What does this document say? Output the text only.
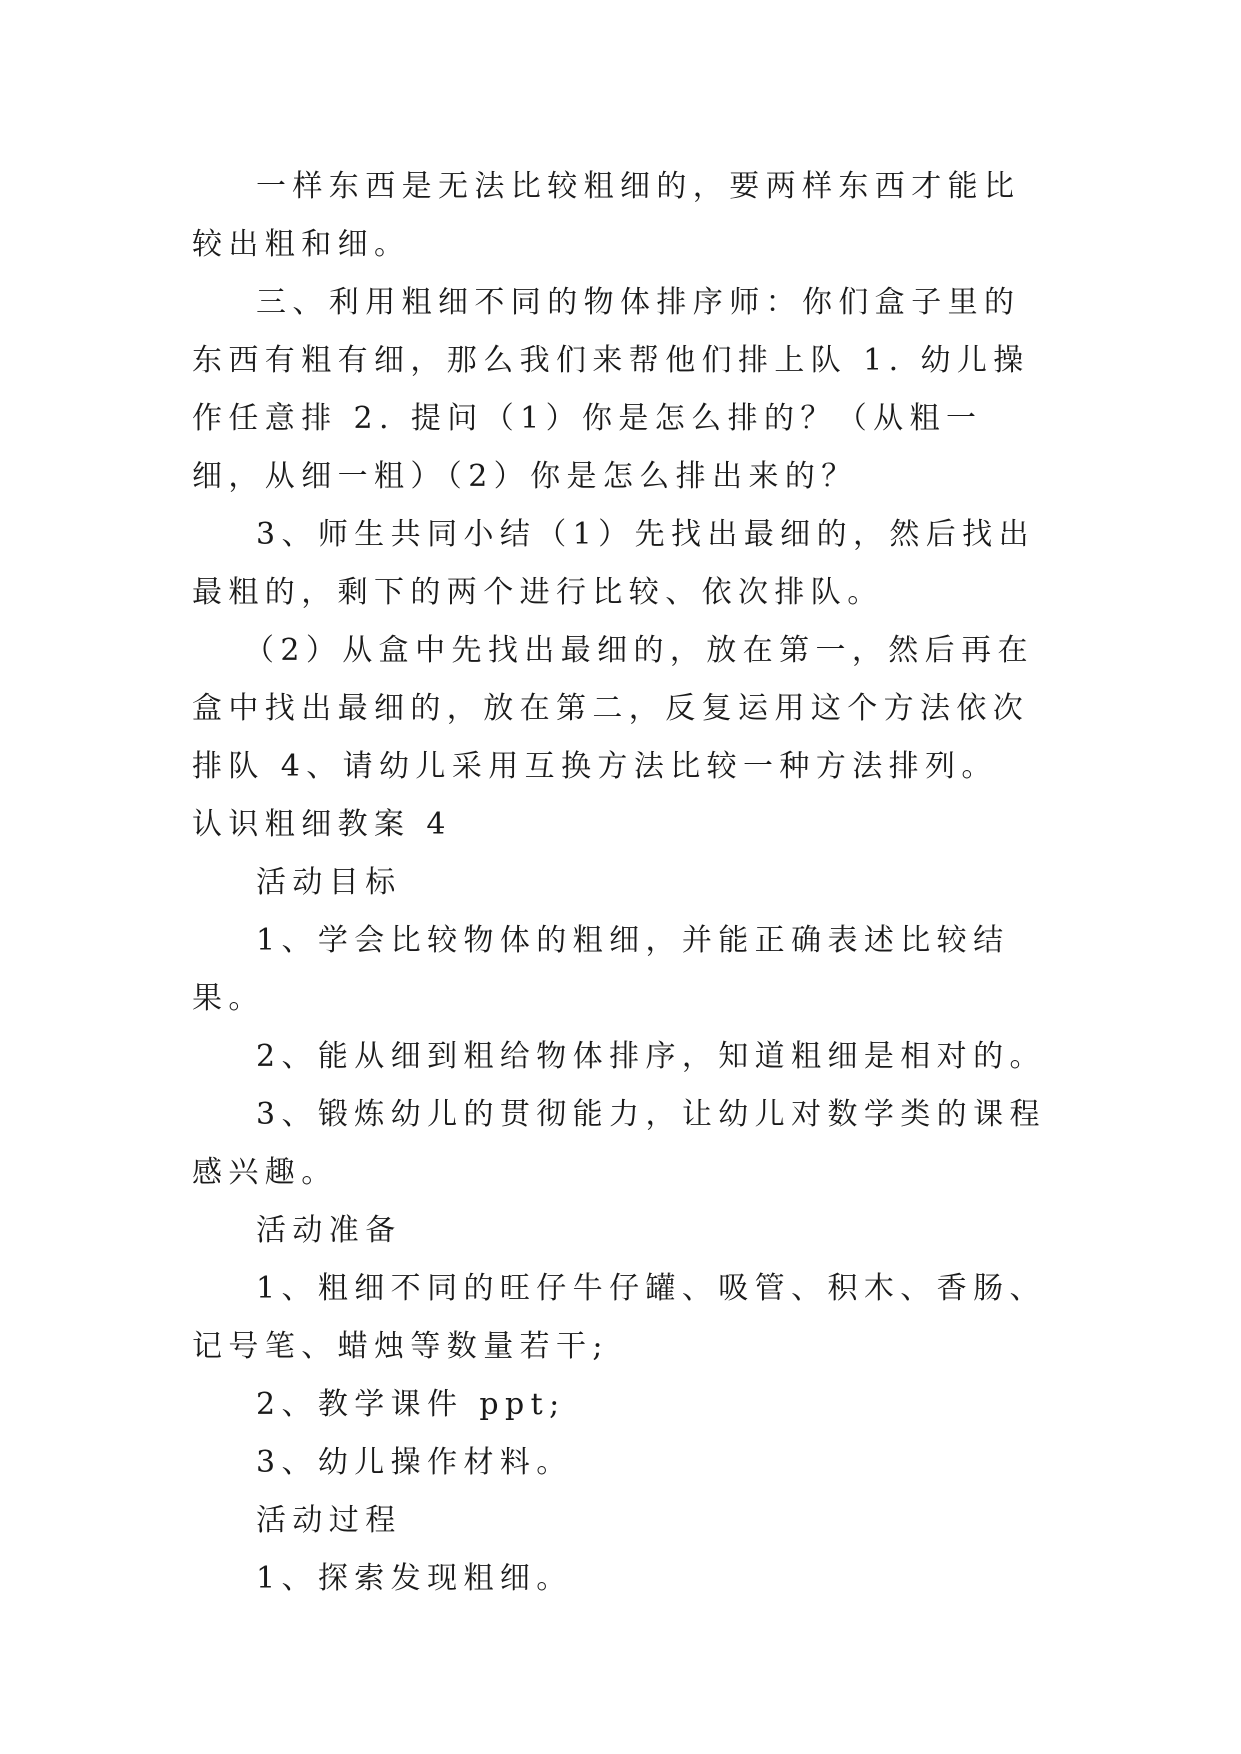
一样东西是无法比较粗细的，要两样东西才能比较出粗和细。

三、利用粗细不同的物体排序师：你们盒子里的东西有粗有细，那么我们来帮他们排上队 1. 幼儿操作任意排 2. 提问（1）你是怎么排的？（从粗一细，从细一粗）（2）你是怎么排出来的？

3、师生共同小结（1）先找出最细的，然后找出最粗的，剩下的两个进行比较、依次排队。

（2）从盒中先找出最细的，放在第一，然后再在盒中找出最细的，放在第二，反复运用这个方法依次排队 4、请幼儿采用互换方法比较一种方法排列。

认识粗细教案 4

活动目标

1、学会比较物体的粗细，并能正确表述比较结果。

2、能从细到粗给物体排序，知道粗细是相对的。

3、锻炼幼儿的贯彻能力，让幼儿对数学类的课程感兴趣。

活动准备

1、粗细不同的旺仔牛仔罐、吸管、积木、香肠、记号笔、蜡烛等数量若干;

2、教学课件 ppt;

3、幼儿操作材料。

活动过程

1、探索发现粗细。
